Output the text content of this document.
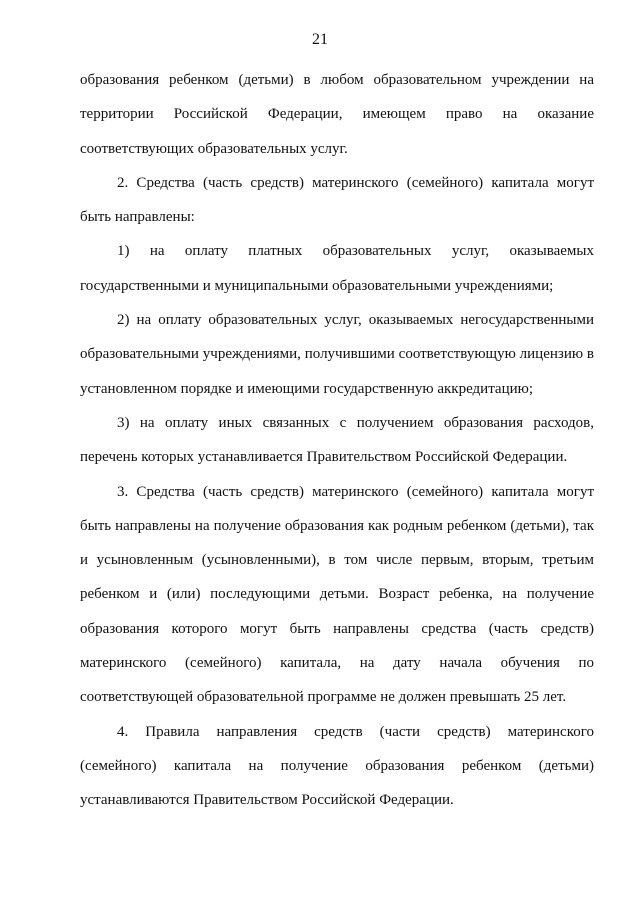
21

образования ребенком (детьми) в любом образовательном учреждении на территории Российской Федерации, имеющем право на оказание соответствующих образовательных услуг.

2. Средства (часть средств) материнского (семейного) капитала могут быть направлены:

1) на оплату платных образовательных услуг, оказываемых государственными и муниципальными образовательными учреждениями;

2) на оплату образовательных услуг, оказываемых негосударственными образовательными учреждениями, получившими соответствующую лицензию в установленном порядке и имеющими государственную аккредитацию;

3) на оплату иных связанных с получением образования расходов, перечень которых устанавливается Правительством Российской Федерации.

3. Средства (часть средств) материнского (семейного) капитала могут быть направлены на получение образования как родным ребенком (детьми), так и усыновленным (усыновленными), в том числе первым, вторым, третьим ребенком и (или) последующими детьми. Возраст ребенка, на получение образования которого могут быть направлены средства (часть средств) материнского (семейного) капитала, на дату начала обучения по соответствующей образовательной программе не должен превышать 25 лет.

4. Правила направления средств (части средств) материнского (семейного) капитала на получение образования ребенком (детьми) устанавливаются Правительством Российской Федерации.
